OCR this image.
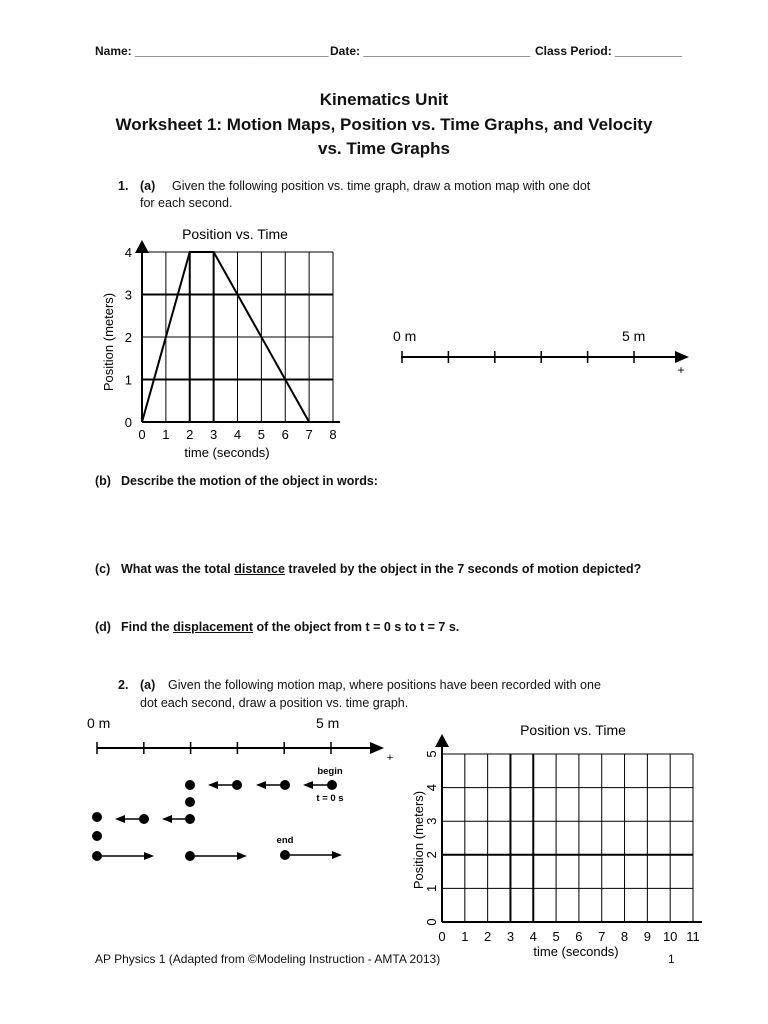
Name: _____________________________ Date: _________________________ Class Period: __________
Kinematics Unit
Worksheet 1: Motion Maps, Position vs. Time Graphs, and Velocity
vs. Time Graphs
1. (a) Given the following position vs. time graph, draw a motion map with one dot
for each second.
Position vs. Time
Position (meters)
time (seconds)
0 1 2 3 4 5 6 7 8
0
1
2
3
4
0 m	5 m
+
(b) Describe the motion of the object in words:
(c) What was the total distance traveled by the object in the 7 seconds of motion depicted?
(d) Find the displacement of the object from t = 0 s to t = 7 s.
2. (a) Given the following motion map, where positions have been recorded with one
dot each second, draw a position vs. time graph.
0 m	5 m
+
begin
t = 0 s
end
Position vs. Time
Position (meters)
time (seconds)
0 1 2 3 4 5 6 7 8 9 10 11
0
1
2
3
4
5
AP Physics 1 (Adapted from ©Modeling Instruction - AMTA 2013)	1
